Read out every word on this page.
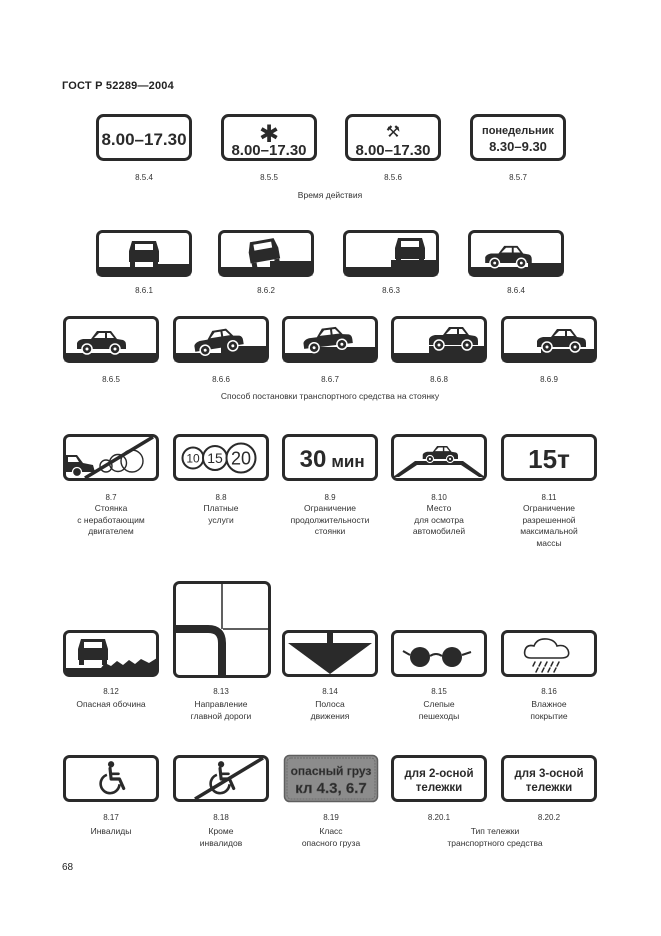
ГОСТ Р 52289—2004
8.00–17.30
8.5.4
✱
8.00–17.30
8.5.5
⚒
8.00–17.30
8.5.6
понедельник
8.30–9.30
8.5.7
Время действия
8.6.1	8.6.2	8.6.3	8.6.4
8.6.5	8.6.6	8.6.7	8.6.8	8.6.9
Способ постановки транспортного средства на стоянку
8.7
Стоянка
с неработающим
двигателем
10 15 20
8.8
Платные
услуги
30 мин
8.9
Ограничение
продолжительности
стоянки
8.10
Место
для осмотра
автомобилей
15т
8.11
Ограничение
разрешенной
максимальной
массы
8.12
Опасная обочина
8.13
Направление
главной дороги
8.14
Полоса
движения
8.15
Слепые
пешеходы
8.16
Влажное
покрытие
8.17
Инвалиды
8.18
Кроме
инвалидов
опасный груз
кл 4.3, 6.7
8.19
Класс
опасного груза
для 2-осной
тележки
8.20.1
для 3-осной
тележки
8.20.2
Тип тележки
транспортного средства
68
